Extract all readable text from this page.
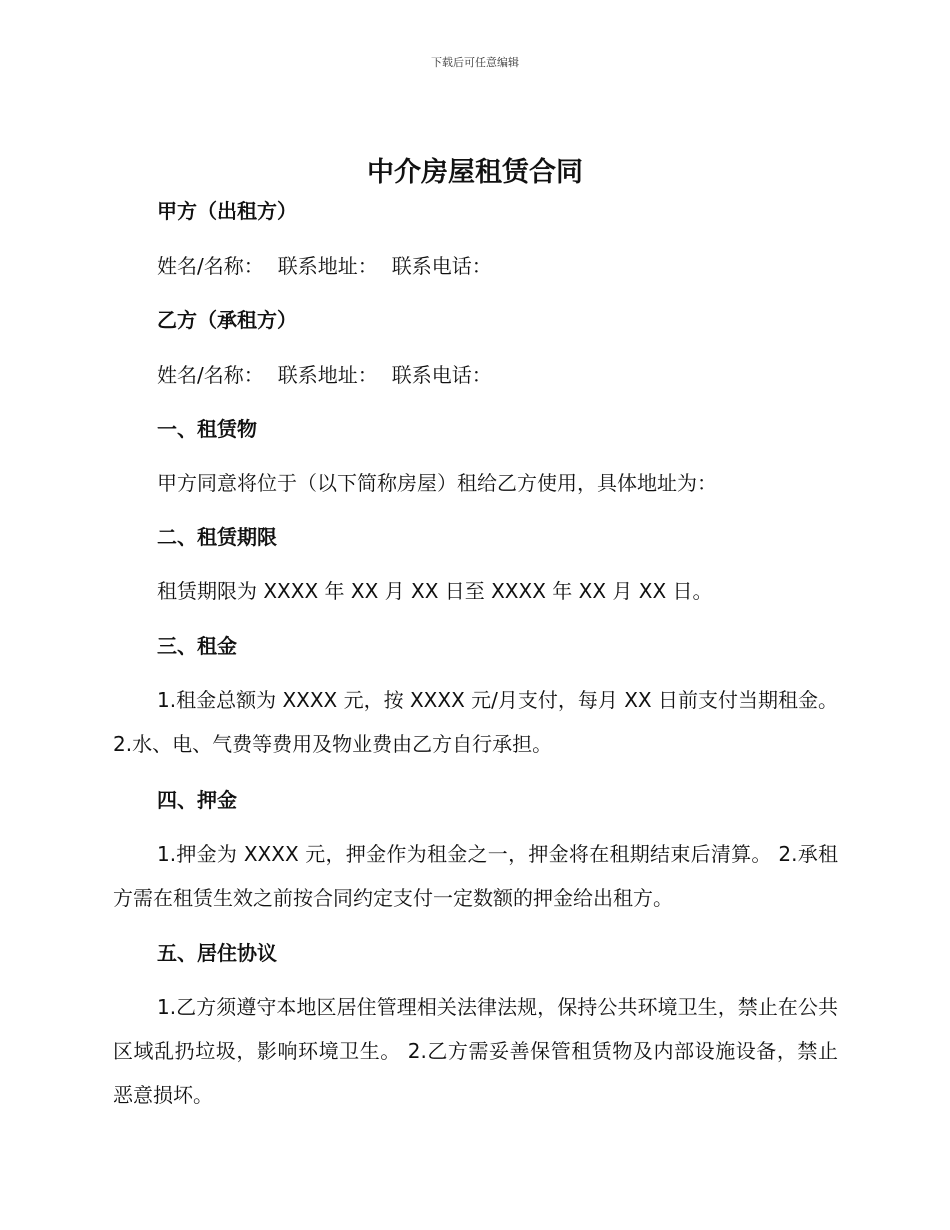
下载后可任意编辑
中介房屋租赁合同
甲方（出租方）
姓名/名称： 联系地址： 联系电话：
乙方（承租方）
姓名/名称： 联系地址： 联系电话：
一、租赁物
甲方同意将位于（以下简称房屋）租给乙方使用，具体地址为：
二、租赁期限
租赁期限为 XXXX 年 XX 月 XX 日至 XXXX 年 XX 月 XX 日。
三、租金
1.租金总额为 XXXX 元，按 XXXX 元/月支付，每月 XX 日前支付当期租金。 2.水、电、气费等费用及物业费由乙方自行承担。
四、押金
1.押金为 XXXX 元，押金作为租金之一，押金将在租期结束后清算。 2.承租方需在租赁生效之前按合同约定支付一定数额的押金给出租方。
五、居住协议
1.乙方须遵守本地区居住管理相关法律法规，保持公共环境卫生，禁止在公共区域乱扔垃圾，影响环境卫生。 2.乙方需妥善保管租赁物及内部设施设备，禁止恶意损坏。
